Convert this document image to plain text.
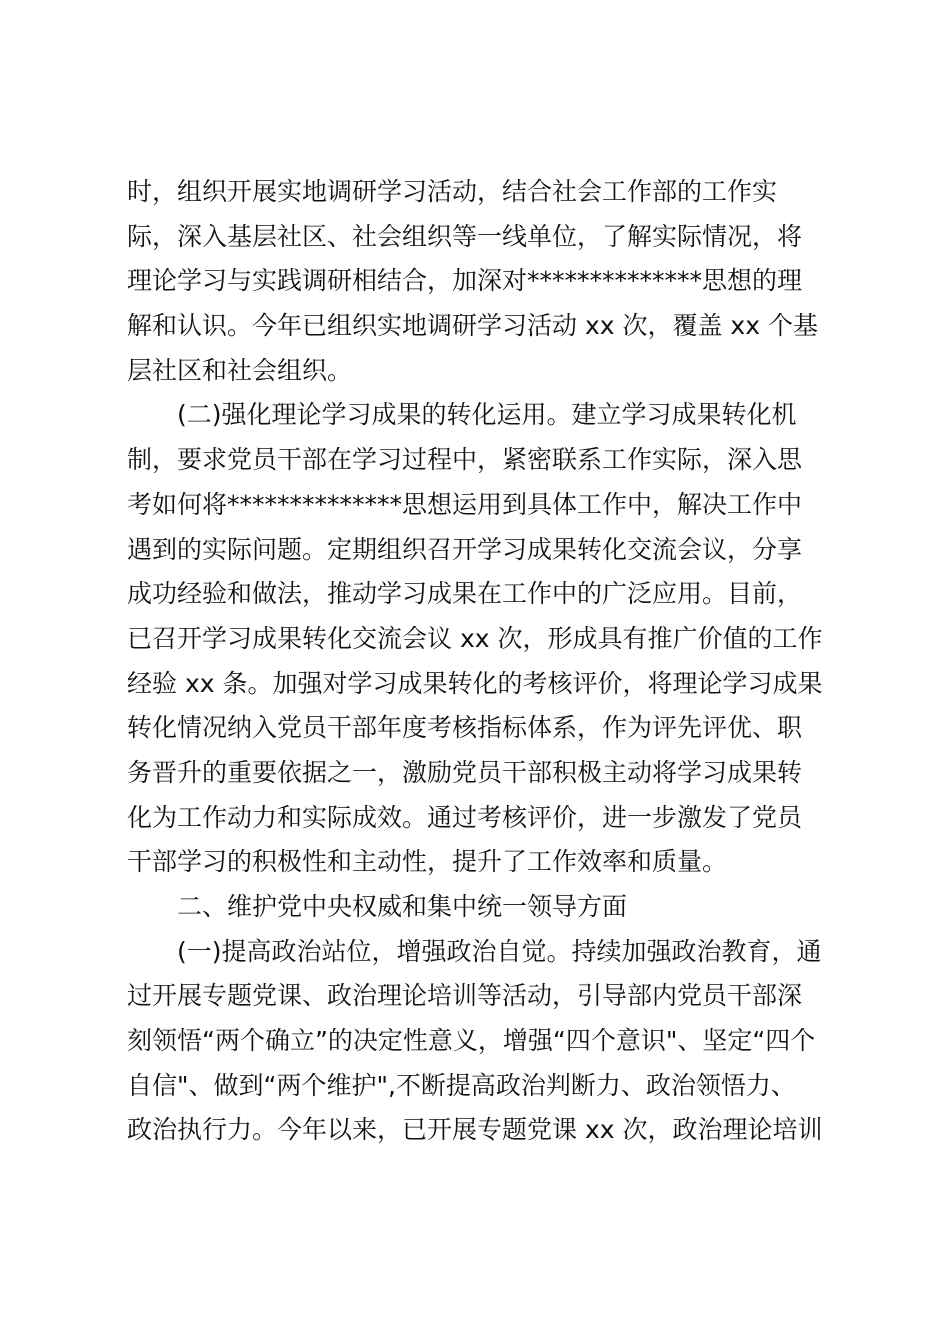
时，组织开展实地调研学习活动，结合社会工作部的工作实
际，深入基层社区、社会组织等一线单位，了解实际情况，将
理论学习与实践调研相结合，加深对**************思想的理
解和认识。今年已组织实地调研学习活动 xx 次，覆盖 xx 个基
层社区和社会组织。
(二)强化理论学习成果的转化运用。建立学习成果转化机
制，要求党员干部在学习过程中，紧密联系工作实际，深入思
考如何将**************思想运用到具体工作中，解决工作中
遇到的实际问题。定期组织召开学习成果转化交流会议，分享
成功经验和做法，推动学习成果在工作中的广泛应用。目前，
已召开学习成果转化交流会议 xx 次，形成具有推广价值的工作
经验 xx 条。加强对学习成果转化的考核评价，将理论学习成果
转化情况纳入党员干部年度考核指标体系，作为评先评优、职
务晋升的重要依据之一，激励党员干部积极主动将学习成果转
化为工作动力和实际成效。通过考核评价，进一步激发了党员
干部学习的积极性和主动性，提升了工作效率和质量。
二、维护党中央权威和集中统一领导方面
(一)提高政治站位，增强政治自觉。持续加强政治教育，通
过开展专题党课、政治理论培训等活动，引导部内党员干部深
刻领悟“两个确立”的决定性意义，增强“四个意识"、坚定“四个
自信"、做到“两个维护",不断提高政治判断力、政治领悟力、
政治执行力。今年以来，已开展专题党课 xx 次，政治理论培训
